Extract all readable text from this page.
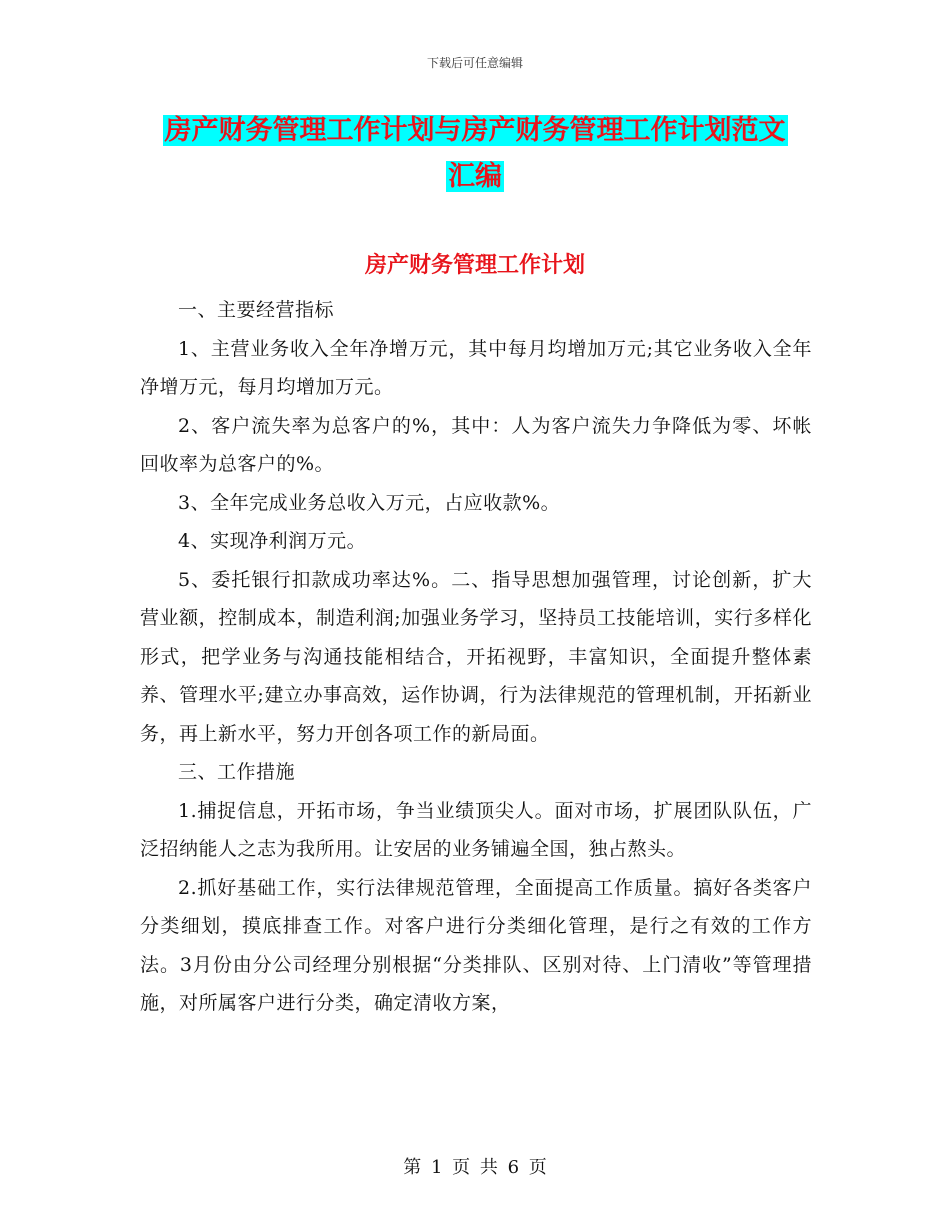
下载后可任意编辑
房产财务管理工作计划与房产财务管理工作计划范文
汇编
房产财务管理工作计划

一、主要经营指标

1、主营业务收入全年净增万元，其中每月均增加万元;其它业务收入全年净增万元，每月均增加万元。

2、客户流失率为总客户的%，其中：人为客户流失力争降低为零、坏帐回收率为总客户的%。

3、全年完成业务总收入万元，占应收款%。

4、实现净利润万元。

5、委托银行扣款成功率达%。二、指导思想加强管理，讨论创新，扩大营业额，控制成本，制造利润;加强业务学习，坚持员工技能培训，实行多样化形式，把学业务与沟通技能相结合，开拓视野，丰富知识，全面提升整体素养、管理水平;建立办事高效，运作协调，行为法律规范的管理机制，开拓新业务，再上新水平，努力开创各项工作的新局面。

三、工作措施

1.捕捉信息，开拓市场，争当业绩顶尖人。面对市场，扩展团队队伍，广泛招纳能人之志为我所用。让安居的业务铺遍全国，独占熬头。

2.抓好基础工作，实行法律规范管理，全面提高工作质量。搞好各类客户分类细划，摸底排查工作。对客户进行分类细化管理，是行之有效的工作方法。3月份由分公司经理分别根据“分类排队、区别对待、上门清收”等管理措施，对所属客户进行分类，确定清收方案，

第 1 页 共 6 页
